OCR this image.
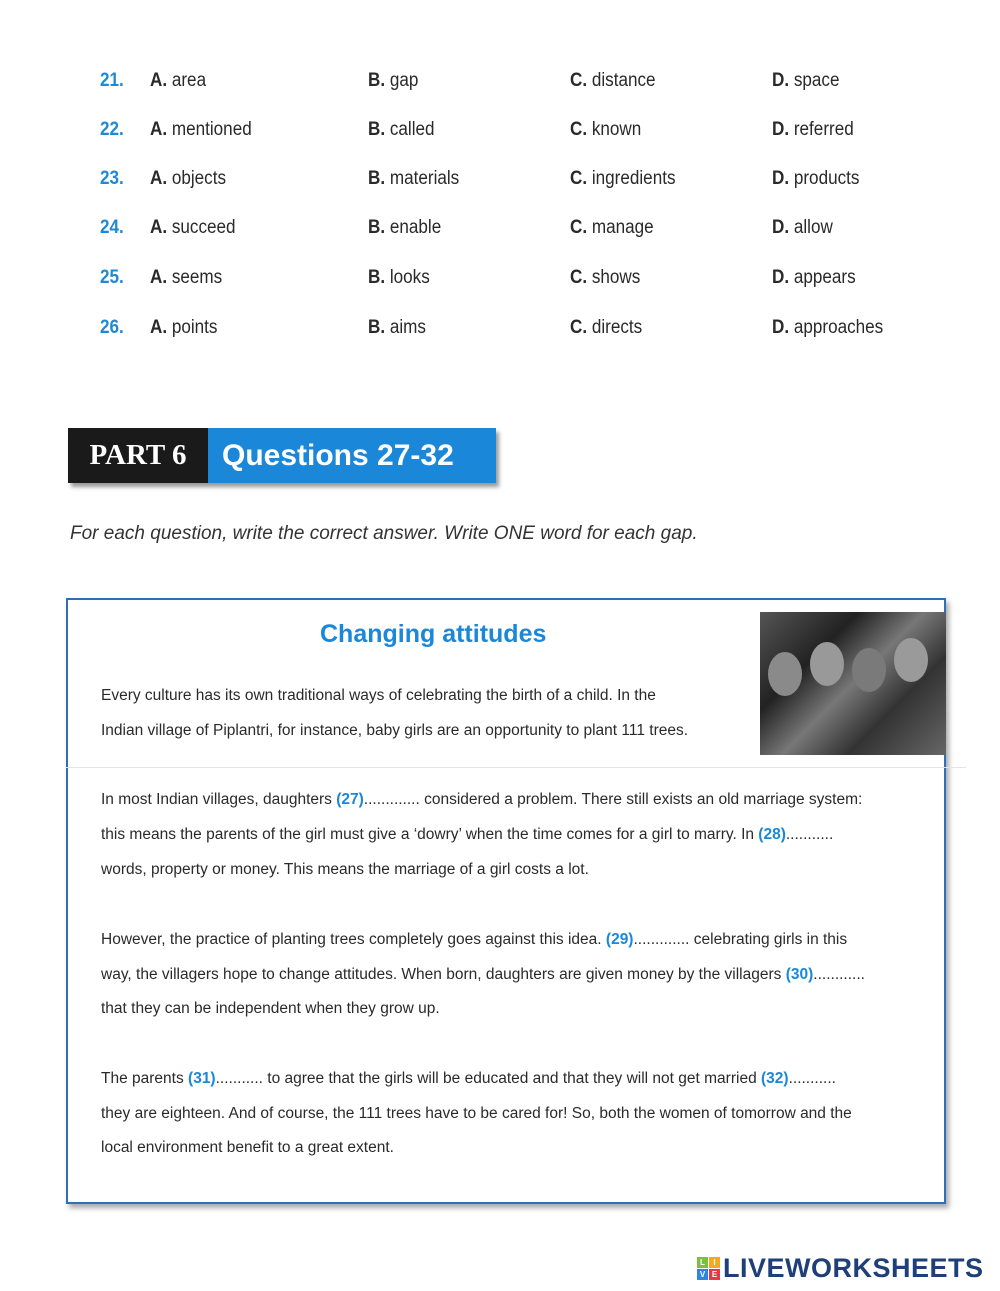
21. A. area	B. gap	C. distance	D. space
22. A. mentioned	B. called	C. known	D. referred
23. A. objects	B. materials	C. ingredients	D. products
24. A. succeed	B. enable	C. manage	D. allow
25. A. seems	B. looks	C. shows	D. appears
26. A. points	B. aims	C. directs	D. approaches
PART 6	Questions 27-32
For each question, write the correct answer. Write ONE word for each gap.
Changing attitudes
Every culture has its own traditional ways of celebrating the birth of a child. In the
Indian village of Piplantri, for instance, baby girls are an opportunity to plant 111 trees.
In most Indian villages, daughters (27)............. considered a problem. There still exists an old marriage system:
this means the parents of the girl must give a ‘dowry’ when the time comes for a girl to marry. In (28)...........
words, property or money. This means the marriage of a girl costs a lot.
However, the practice of planting trees completely goes against this idea. (29)............. celebrating girls in this
way, the villagers hope to change attitudes. When born, daughters are given money by the villagers (30)............
that they can be independent when they grow up.
The parents (31)........... to agree that the girls will be educated and that they will not get married (32)...........
they are eighteen. And of course, the 111 trees have to be cared for! So, both the women of tomorrow and the
local environment benefit to a great extent.
L	I
V E LIVEWORKSHEETS
